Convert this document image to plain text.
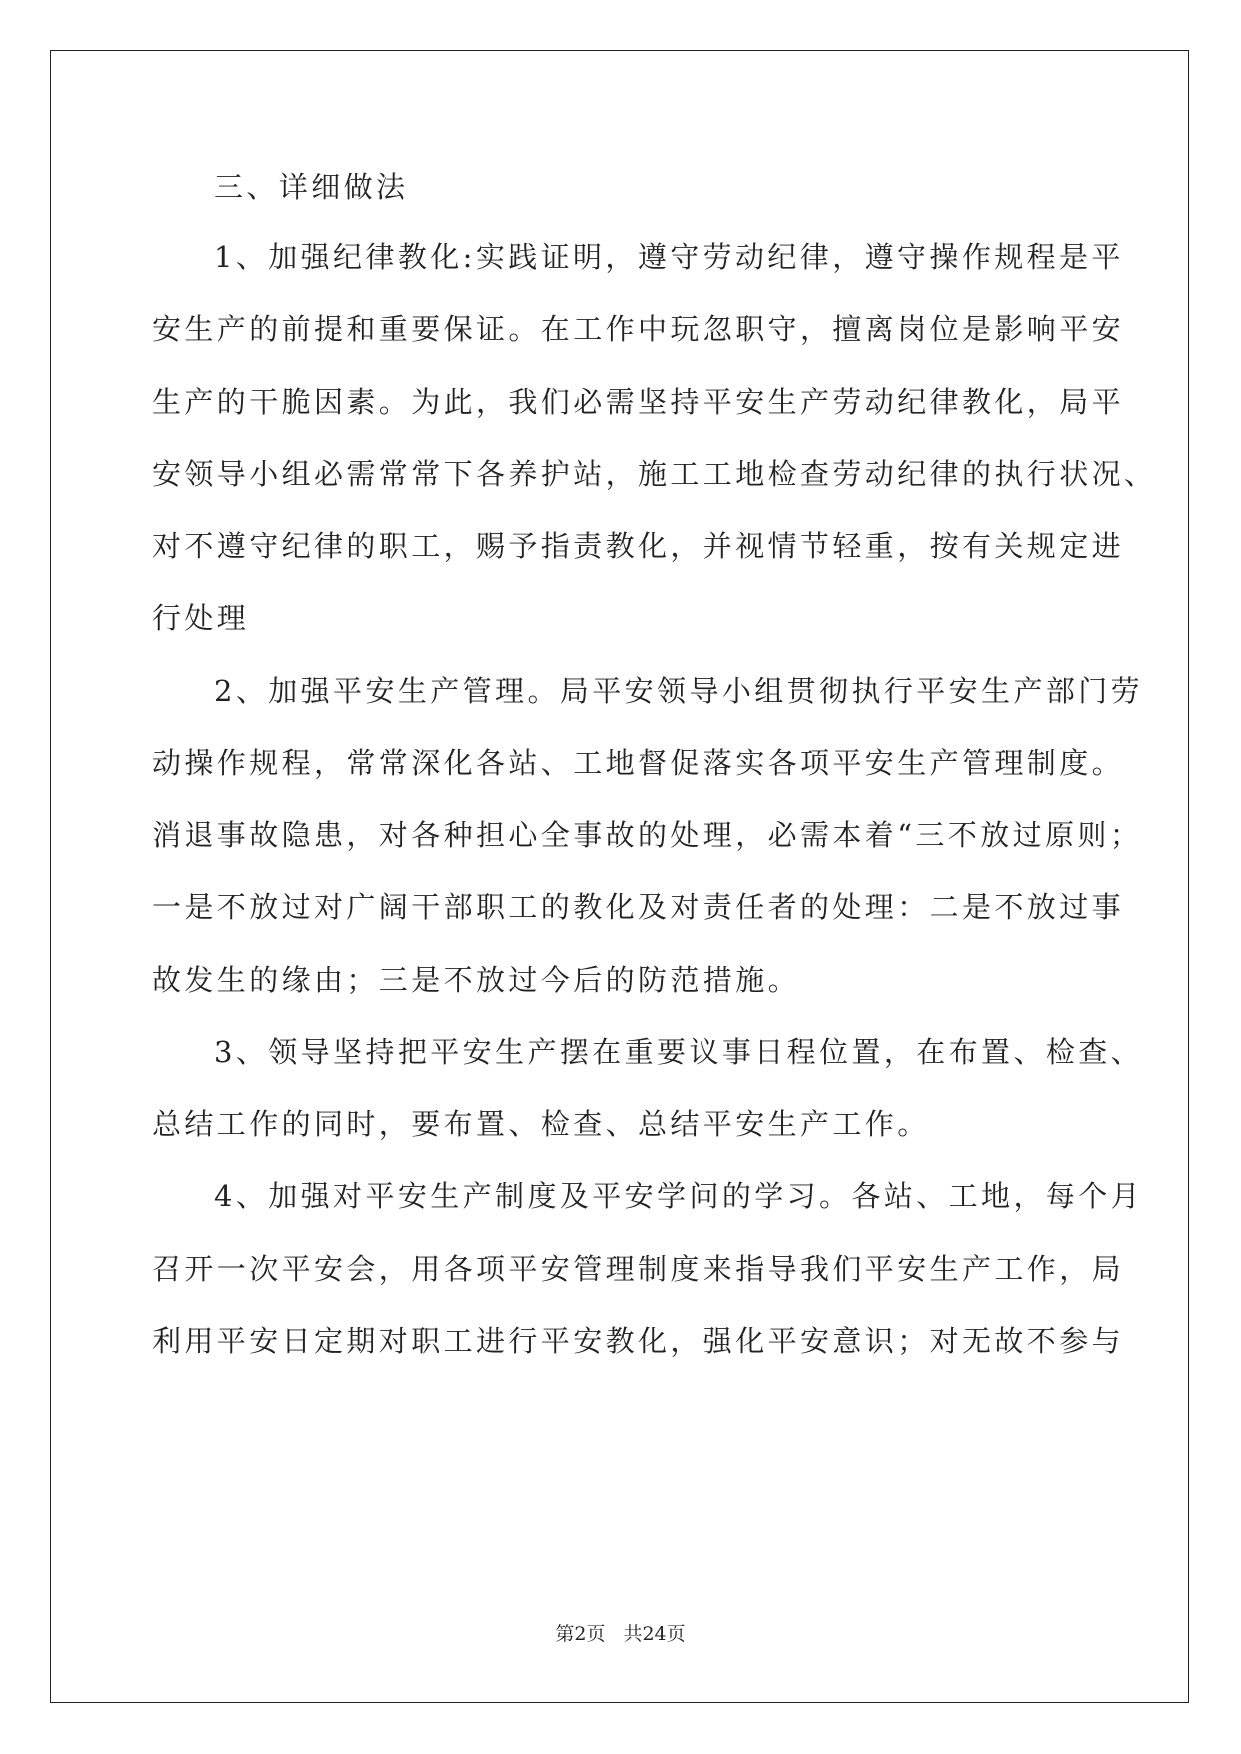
三、详细做法
1、加强纪律教化:实践证明，遵守劳动纪律，遵守操作规程是平
安生产的前提和重要保证。在工作中玩忽职守，擅离岗位是影响平安
生产的干脆因素。为此，我们必需坚持平安生产劳动纪律教化，局平
安领导小组必需常常下各养护站，施工工地检查劳动纪律的执行状况、
对不遵守纪律的职工，赐予指责教化，并视情节轻重，按有关规定进
行处理
2、加强平安生产管理。局平安领导小组贯彻执行平安生产部门劳
动操作规程，常常深化各站、工地督促落实各项平安生产管理制度。
消退事故隐患，对各种担心全事故的处理，必需本着“三不放过原则；
一是不放过对广阔干部职工的教化及对责任者的处理：二是不放过事
故发生的缘由；三是不放过今后的防范措施。
3、领导坚持把平安生产摆在重要议事日程位置，在布置、检查、
总结工作的同时，要布置、检查、总结平安生产工作。
4、加强对平安生产制度及平安学问的学习。各站、工地，每个月
召开一次平安会，用各项平安管理制度来指导我们平安生产工作，局
利用平安日定期对职工进行平安教化，强化平安意识；对无故不参与
第2页 共24页
